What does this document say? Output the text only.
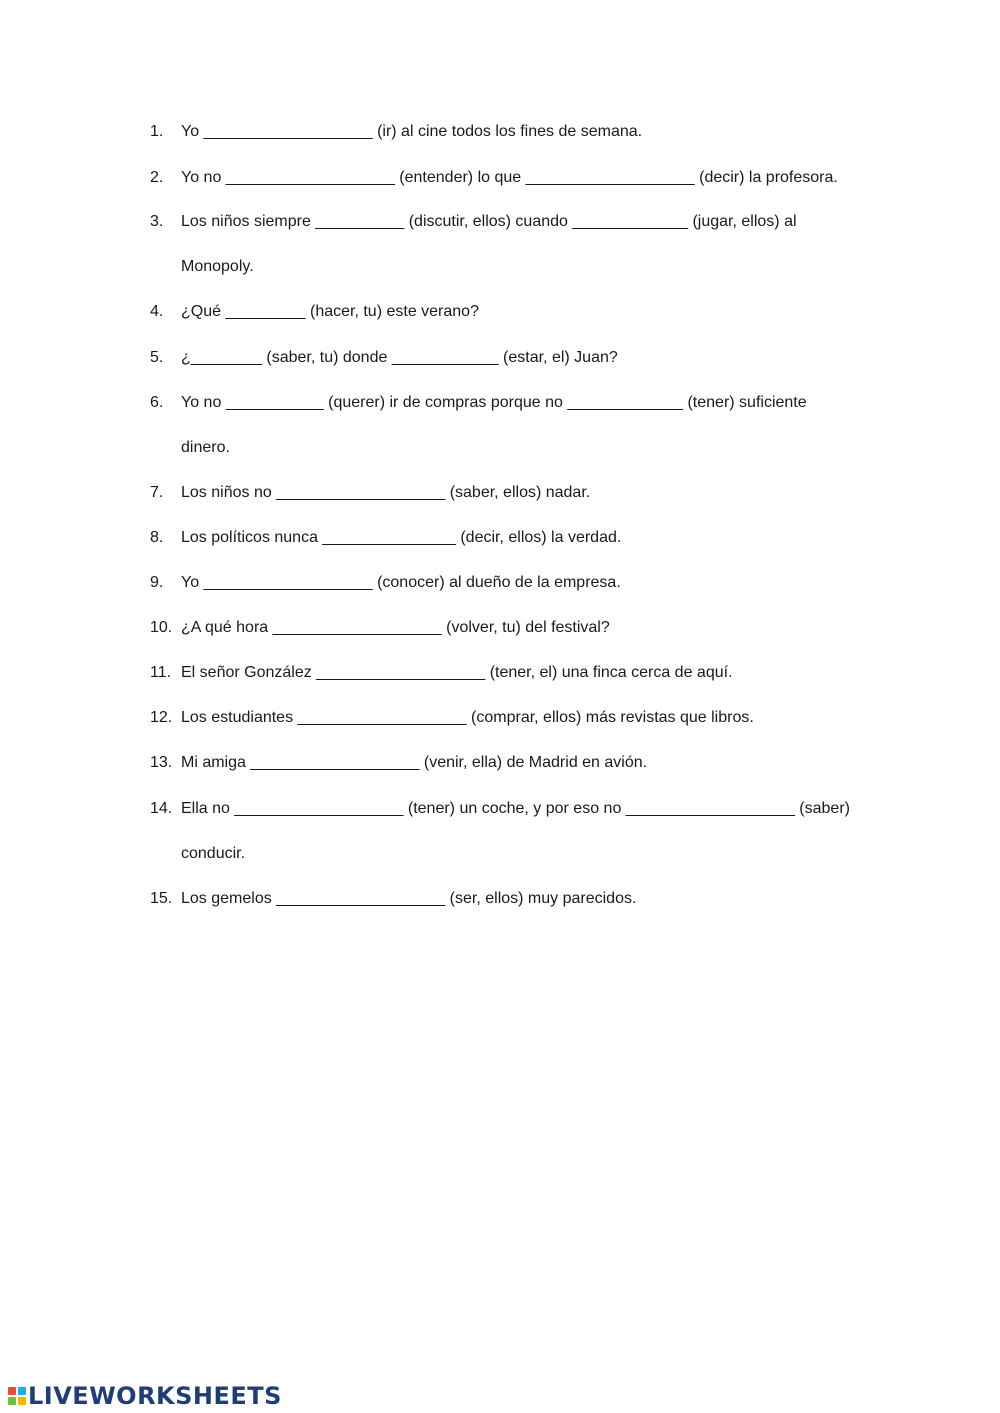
1.	Yo ___________________ (ir) al cine todos los fines de semana.
2.	Yo no ___________________ (entender) lo que ___________________ (decir) la profesora.
3.	Los niños siempre __________ (discutir, ellos) cuando _____________ (jugar, ellos) al
Monopoly.
4.	¿Qué _________ (hacer, tu) este verano?
5.	¿________ (saber, tu) donde ____________ (estar, el) Juan?
6.	Yo no ___________ (querer) ir de compras porque no _____________ (tener) suficiente
dinero.
7.	Los niños no ___________________ (saber, ellos) nadar.
8.	Los políticos nunca _______________ (decir, ellos) la verdad.
9.	Yo ___________________ (conocer) al dueño de la empresa.
10. ¿A qué hora ___________________ (volver, tu) del festival?
11. El señor González ___________________ (tener, el) una finca cerca de aquí.
12. Los estudiantes ___________________ (comprar, ellos) más revistas que libros.
13. Mi amiga ___________________ (venir, ella) de Madrid en avión.
14. Ella no ___________________ (tener) un coche, y por eso no ___________________ (saber)
conducir.
15. Los gemelos ___________________ (ser, ellos) muy parecidos.
LIVEWORKSHEETS
